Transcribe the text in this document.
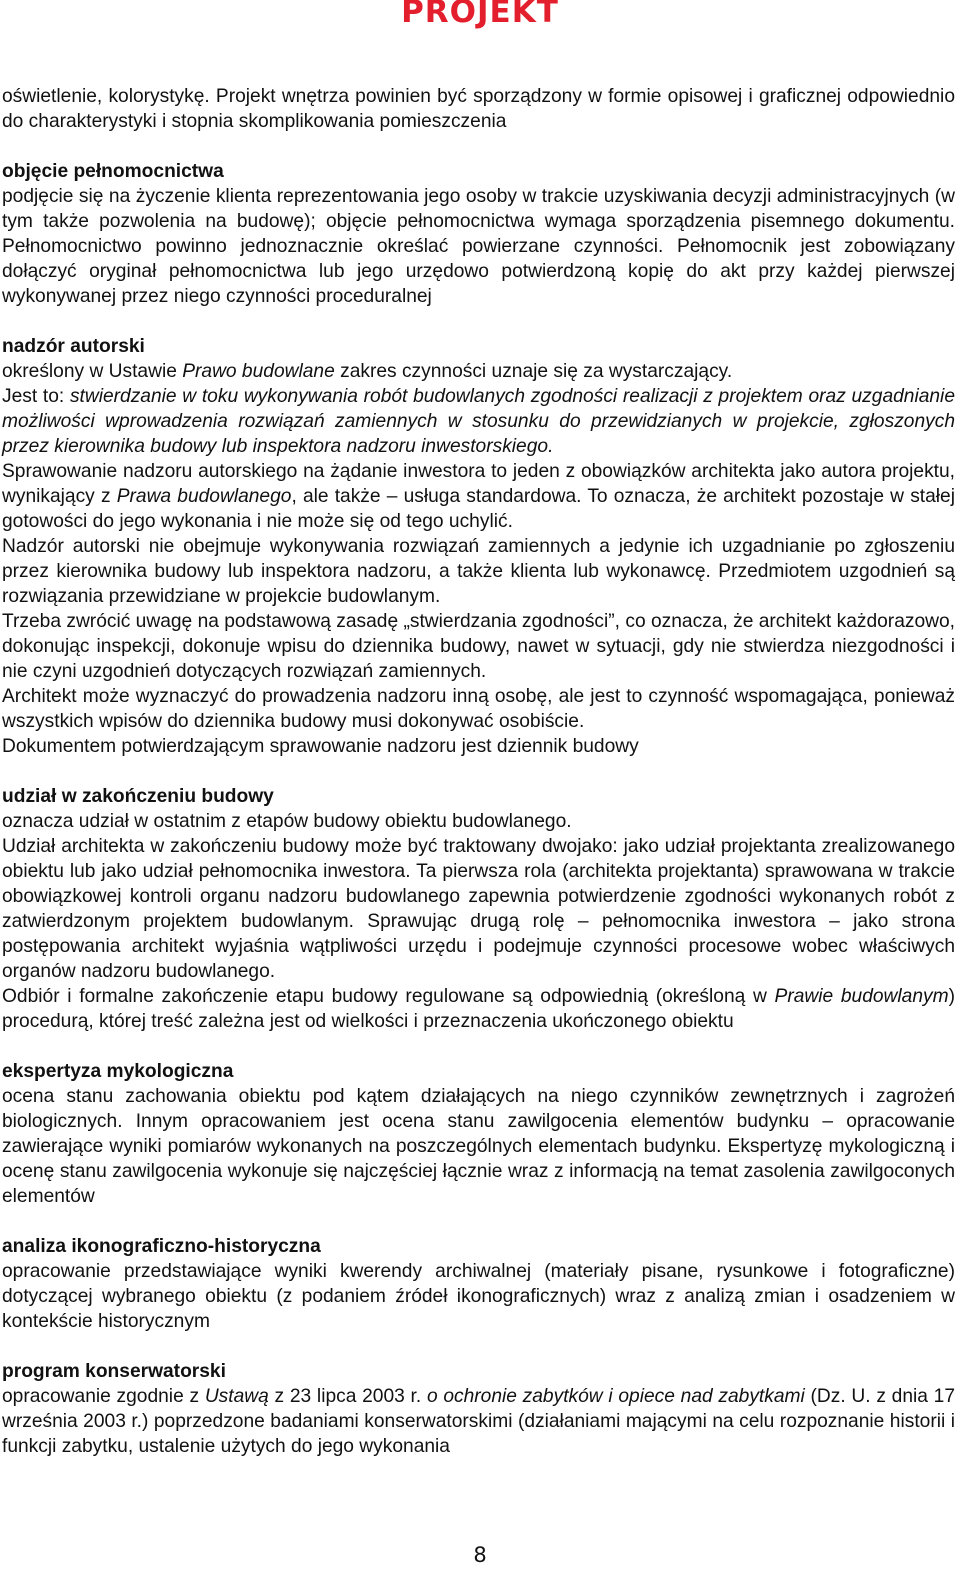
PROJEKT

oświetlenie, kolorystykę. Projekt wnętrza powinien być sporządzony w formie opisowej i graficznej odpowiednio do charakterystyki i stopnia skomplikowania pomieszczenia

objęcie pełnomocnictwa

podjęcie się na życzenie klienta reprezentowania jego osoby w trakcie uzyskiwania decyzji administracyjnych (w tym także pozwolenia na budowę); objęcie pełnomocnictwa wymaga sporządzenia pisemnego dokumentu. Pełnomocnictwo powinno jednoznacznie określać powierzane czynności. Pełnomocnik jest zobowiązany dołączyć oryginał pełnomocnictwa lub jego urzędowo potwierdzoną kopię do akt przy każdej pierwszej wykonywanej przez niego czynności proceduralnej

nadzór autorski

określony w Ustawie Prawo budowlane zakres czynności uznaje się za wystarczający.

Jest to: stwierdzanie w toku wykonywania robót budowlanych zgodności realizacji z projektem oraz uzgadnianie możliwości wprowadzenia rozwiązań zamiennych w stosunku do przewidzianych w projekcie, zgłoszonych przez kierownika budowy lub inspektora nadzoru inwestorskiego.

Sprawowanie nadzoru autorskiego na żądanie inwestora to jeden z obowiązków architekta jako autora projektu, wynikający z Prawa budowlanego, ale także – usługa standardowa. To oznacza, że architekt pozostaje w stałej gotowości do jego wykonania i nie może się od tego uchylić.

Nadzór autorski nie obejmuje wykonywania rozwiązań zamiennych a jedynie ich uzgadnianie po zgłoszeniu przez kierownika budowy lub inspektora nadzoru, a także klienta lub wykonawcę. Przedmiotem uzgodnień są rozwiązania przewidziane w projekcie budowlanym.

Trzeba zwrócić uwagę na podstawową zasadę „stwierdzania zgodności”, co oznacza, że architekt każdorazowo, dokonując inspekcji, dokonuje wpisu do dziennika budowy, nawet w sytuacji, gdy nie stwierdza niezgodności i nie czyni uzgodnień dotyczących rozwiązań zamiennych.

Architekt może wyznaczyć do prowadzenia nadzoru inną osobę, ale jest to czynność wspomagająca, ponieważ wszystkich wpisów do dziennika budowy musi dokonywać osobiście.

Dokumentem potwierdzającym sprawowanie nadzoru jest dziennik budowy

udział w zakończeniu budowy

oznacza udział w ostatnim z etapów budowy obiektu budowlanego.

Udział architekta w zakończeniu budowy może być traktowany dwojako: jako udział projektanta zrealizowanego obiektu lub jako udział pełnomocnika inwestora. Ta pierwsza rola (architekta projektanta) sprawowana w trakcie obowiązkowej kontroli organu nadzoru budowlanego zapewnia potwierdzenie zgodności wykonanych robót z zatwierdzonym projektem budowlanym. Sprawując drugą rolę – pełnomocnika inwestora – jako strona postępowania architekt wyjaśnia wątpliwości urzędu i podejmuje czynności procesowe wobec właściwych organów nadzoru budowlanego.

Odbiór i formalne zakończenie etapu budowy regulowane są odpowiednią (określoną w Prawie budowlanym) procedurą, której treść zależna jest od wielkości i przeznaczenia ukończonego obiektu

ekspertyza mykologiczna

ocena stanu zachowania obiektu pod kątem działających na niego czynników zewnętrznych i zagrożeń biologicznych. Innym opracowaniem jest ocena stanu zawilgocenia elementów budynku – opracowanie zawierające wyniki pomiarów wykonanych na poszczególnych elementach budynku. Ekspertyzę mykologiczną i ocenę stanu zawilgocenia wykonuje się najczęściej łącznie wraz z informacją na temat zasolenia zawilgoconych elementów

analiza ikonograficzno-historyczna

opracowanie przedstawiające wyniki kwerendy archiwalnej (materiały pisane, rysunkowe i fotograficzne) dotyczącej wybranego obiektu (z podaniem źródeł ikonograficznych) wraz z analizą zmian i osadzeniem w kontekście historycznym

program konserwatorski

opracowanie zgodnie z Ustawą z 23 lipca 2003 r. o ochronie zabytków i opiece nad zabytkami (Dz. U. z dnia 17 września 2003 r.) poprzedzone badaniami konserwatorskimi (działaniami mającymi na celu rozpoznanie historii i funkcji zabytku, ustalenie użytych do jego wykonania

8
